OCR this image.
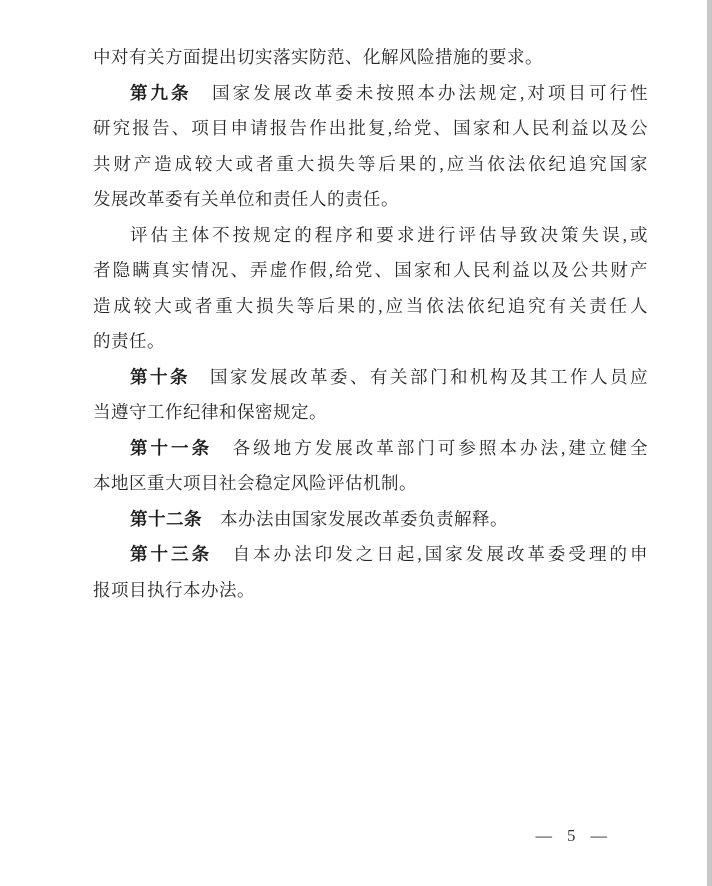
中对有关方面提出切实落实防范、化解风险措施的要求。
第九条　国家发展改革委未按照本办法规定,对项目可行性
研究报告、项目申请报告作出批复,给党、国家和人民利益以及公
共财产造成较大或者重大损失等后果的,应当依法依纪追究国家
发展改革委有关单位和责任人的责任。
评估主体不按规定的程序和要求进行评估导致决策失误,或
者隐瞒真实情况、弄虚作假,给党、国家和人民利益以及公共财产
造成较大或者重大损失等后果的,应当依法依纪追究有关责任人
的责任。
第十条　国家发展改革委、有关部门和机构及其工作人员应
当遵守工作纪律和保密规定。
第十一条　各级地方发展改革部门可参照本办法,建立健全
本地区重大项目社会稳定风险评估机制。
第十二条　本办法由国家发展改革委负责解释。
第十三条　自本办法印发之日起,国家发展改革委受理的申
报项目执行本办法。
— 5 —
